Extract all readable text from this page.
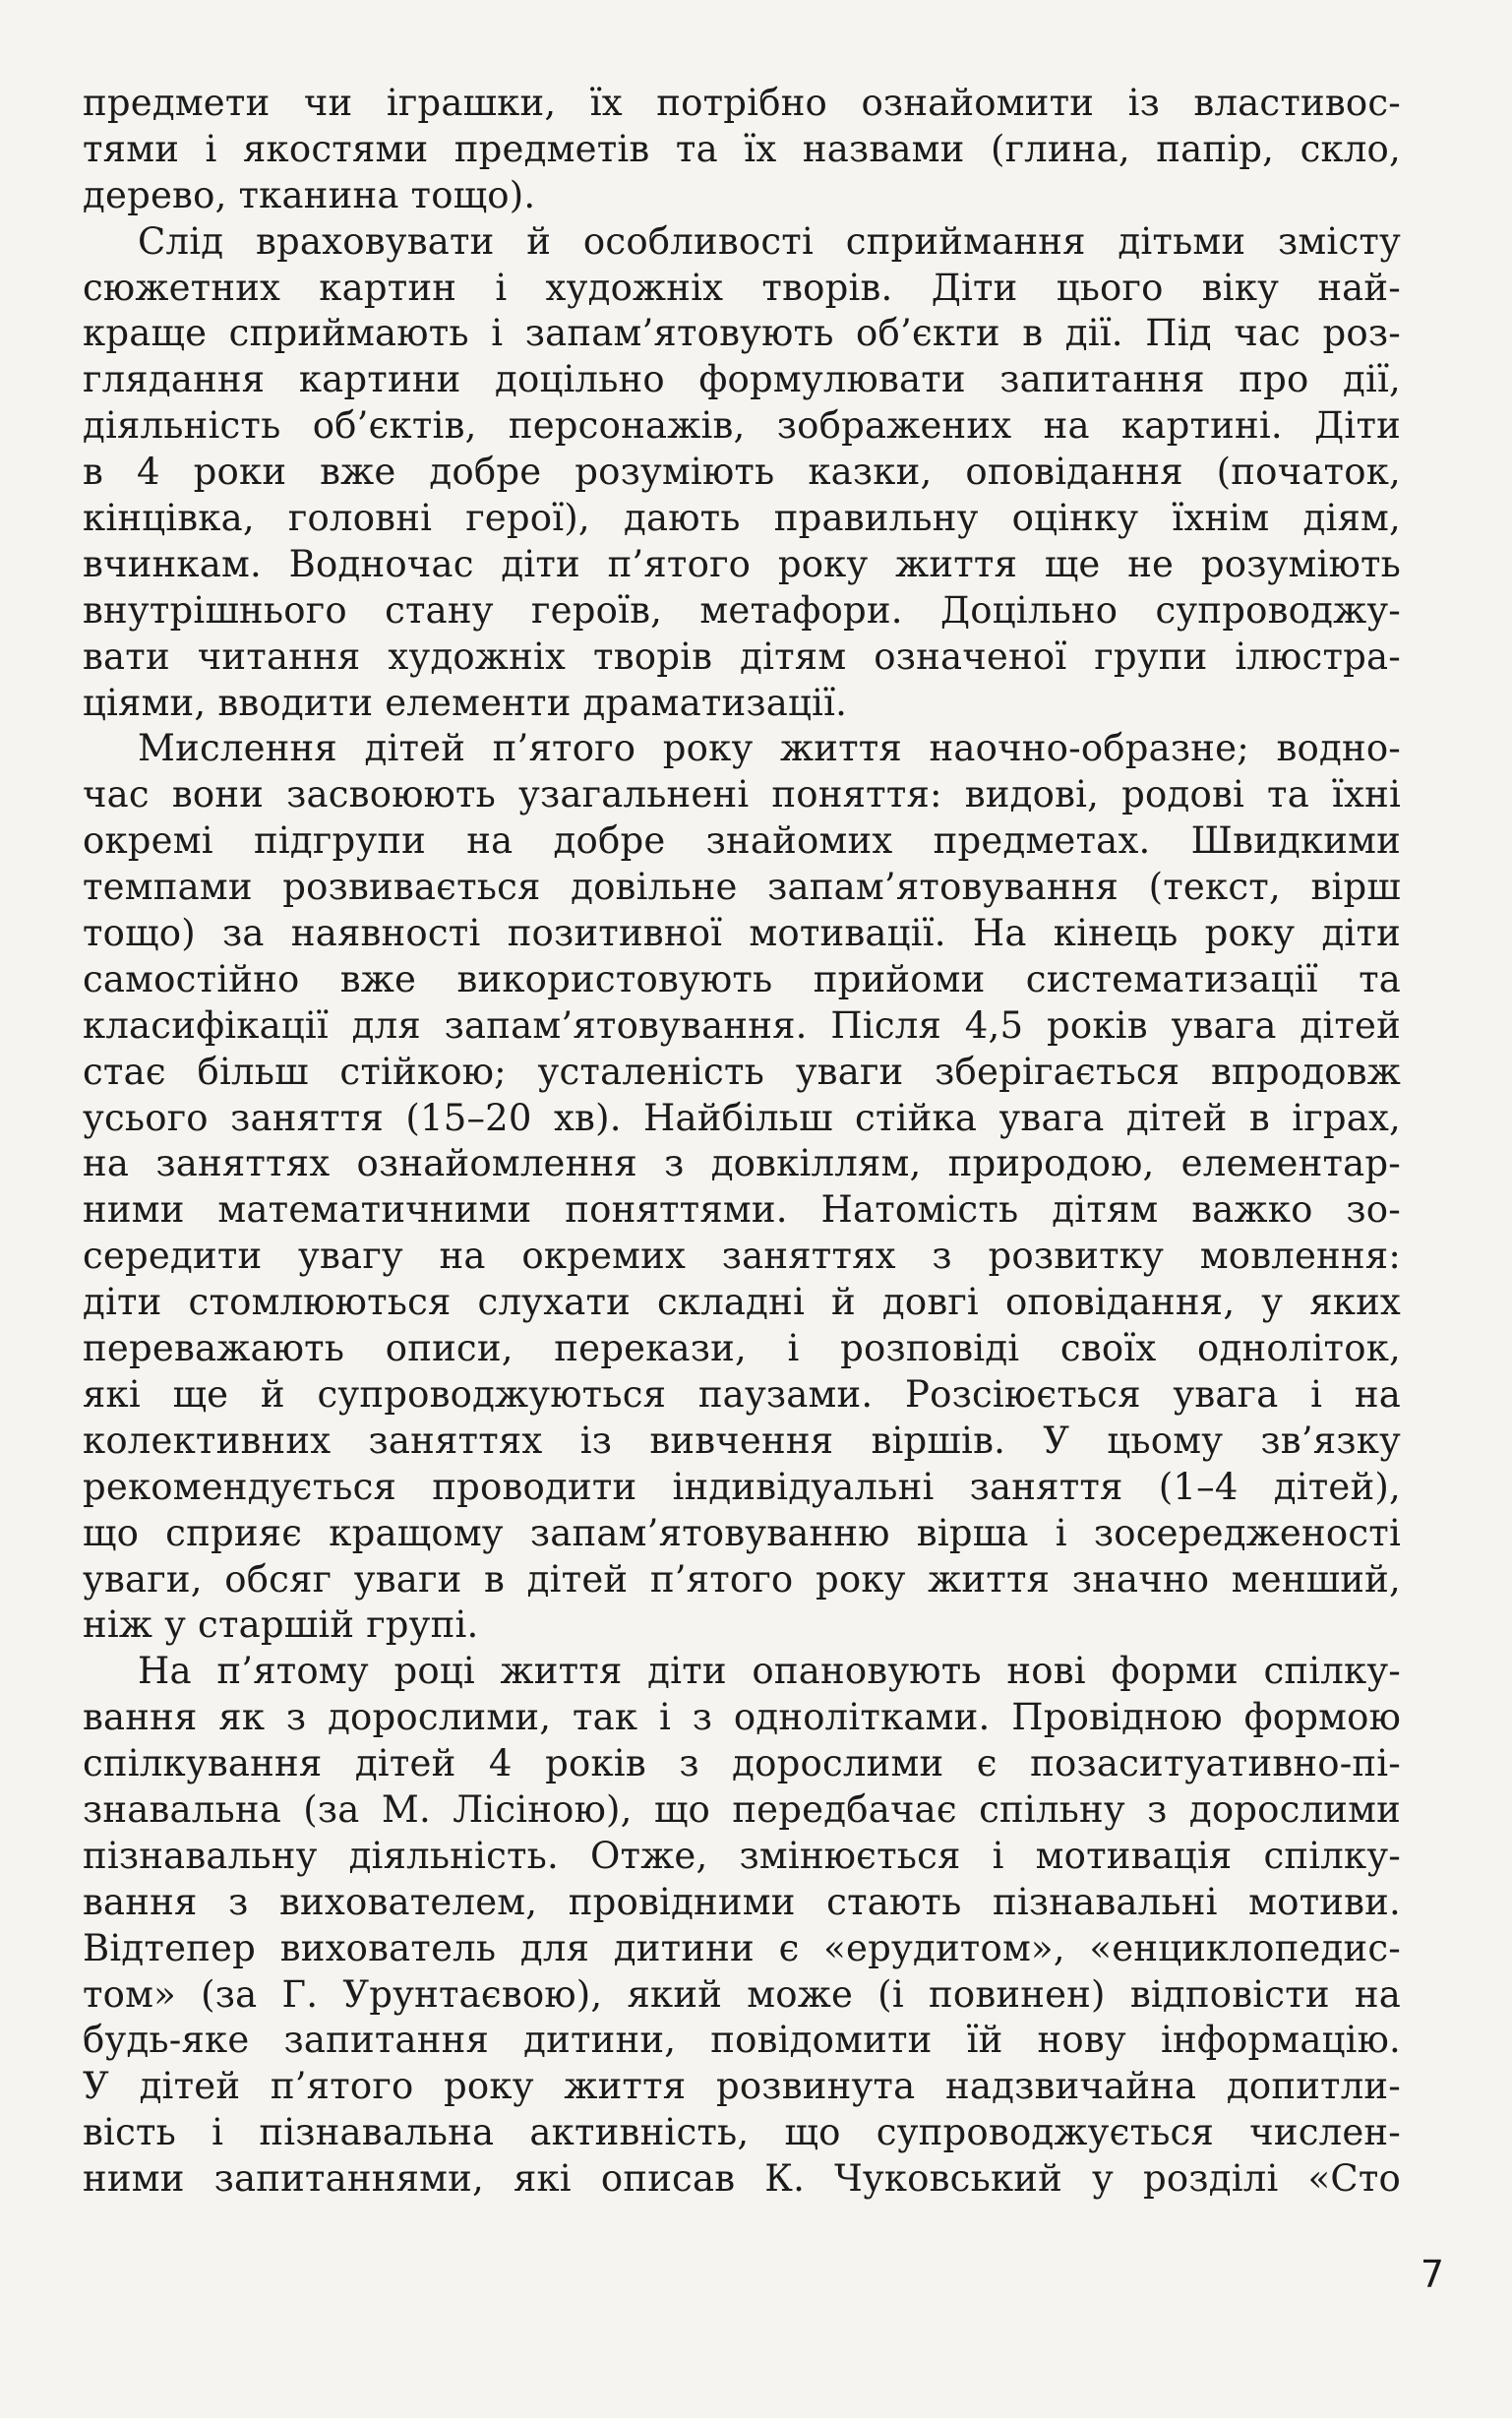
предмети чи іграшки, їх потрібно ознайомити із властивос-
тями і якостями предметів та їх назвами (глина, папір, скло,
дерево, тканина тощо).
Слід враховувати й особливості сприймання дітьми змісту
сюжетних картин і художніх творів. Діти цього віку най-
краще сприймають і запам’ятовують об’єкти в дії. Під час роз-
глядання картини доцільно формулювати запитання про дії,
діяльність об’єктів, персонажів, зображених на картині. Діти
в 4 роки вже добре розуміють казки, оповідання (початок,
кінцівка, головні герої), дають правильну оцінку їхнім діям,
вчинкам. Водночас діти п’ятого року життя ще не розуміють
внутрішнього стану героїв, метафори. Доцільно супроводжу-
вати читання художніх творів дітям означеної групи ілюстра-
ціями, вводити елементи драматизації.
Мислення дітей п’ятого року життя наочно-образне; водно-
час вони засвоюють узагальнені поняття: видові, родові та їхні
окремі підгрупи на добре знайомих предметах. Швидкими
темпами розвивається довільне запам’ятовування (текст, вірш
тощо) за наявності позитивної мотивації. На кінець року діти
самостійно вже використовують прийоми систематизації та
класифікації для запам’ятовування. Після 4,5 років увага дітей
стає більш стійкою; усталеність уваги зберігається впродовж
усього заняття (15–20 хв). Найбільш стійка увага дітей в іграх,
на заняттях ознайомлення з довкіллям, природою, елементар-
ними математичними поняттями. Натомість дітям важко зо-
середити увагу на окремих заняттях з розвитку мовлення:
діти стомлюються слухати складні й довгі оповідання, у яких
переважають описи, перекази, і розповіді своїх одноліток,
які ще й супроводжуються паузами. Розсіюється увага і на
колективних заняттях із вивчення віршів. У цьому зв’язку
рекомендується проводити індивідуальні заняття (1–4 дітей),
що сприяє кращому запам’ятовуванню вірша і зосередженості
уваги, обсяг уваги в дітей п’ятого року життя значно менший,
ніж у старшій групі.
На п’ятому році життя діти опановують нові форми спілку-
вання як з дорослими, так і з однолітками. Провідною формою
спілкування дітей 4 років з дорослими є позаситуативно-пі-
знавальна (за М. Лісіною), що передбачає спільну з дорослими
пізнавальну діяльність. Отже, змінюється і мотивація спілку-
вання з вихователем, провідними стають пізнавальні мотиви.
Відтепер вихователь для дитини є «ерудитом», «енциклопедис-
том» (за Г. Урунтаєвою), який може (і повинен) відповісти на
будь-яке запитання дитини, повідомити їй нову інформацію.
У дітей п’ятого року життя розвинута надзвичайна допитли-
вість і пізнавальна активність, що супроводжується числен-
ними запитаннями, які описав К. Чуковський у розділі «Сто
7
